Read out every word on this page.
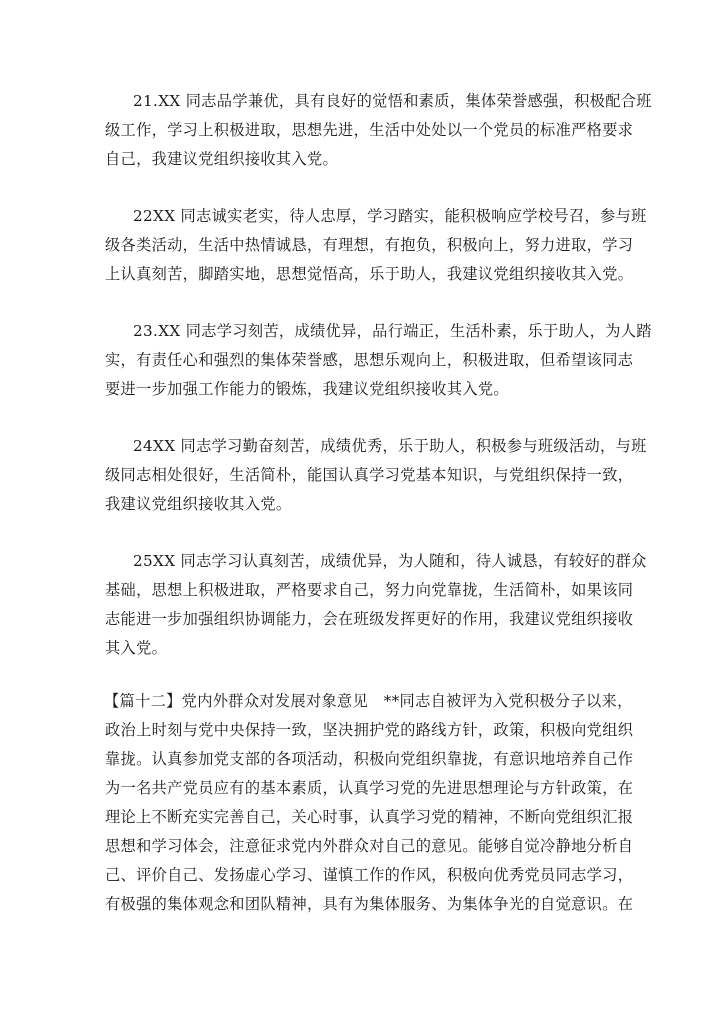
21.XX 同志品学兼优，具有良好的觉悟和素质，集体荣誉感强，积极配合班
级工作，学习上积极进取，思想先进，生活中处处以一个党员的标准严格要求
自己，我建议党组织接收其入党。
22XX 同志诚实老实，待人忠厚，学习踏实，能积极响应学校号召，参与班
级各类活动，生活中热情诚恳，有理想，有抱负，积极向上，努力进取，学习
上认真刻苦，脚踏实地，思想觉悟高，乐于助人，我建议党组织接收其入党。
23.XX 同志学习刻苦，成绩优异，品行端正，生活朴素，乐于助人，为人踏
实，有责任心和强烈的集体荣誉感，思想乐观向上，积极进取，但希望该同志
要进一步加强工作能力的锻炼，我建议党组织接收其入党。
24XX 同志学习勤奋刻苦，成绩优秀，乐于助人，积极参与班级活动，与班
级同志相处很好，生活简朴，能国认真学习党基本知识，与党组织保持一致，
我建议党组织接收其入党。
25XX 同志学习认真刻苦，成绩优异，为人随和，待人诚恳，有较好的群众
基础，思想上积极进取，严格要求自己，努力向党靠拢，生活简朴，如果该同
志能进一步加强组织协调能力，会在班级发挥更好的作用，我建议党组织接收
其入党。
【篇十二】党内外群众对发展对象意见　**同志自被评为入党积极分子以来，
政治上时刻与党中央保持一致，坚决拥护党的路线方针，政策，积极向党组织
靠拢。认真参加党支部的各项活动，积极向党组织靠拢，有意识地培养自己作
为一名共产党员应有的基本素质，认真学习党的先进思想理论与方针政策，在
理论上不断充实完善自己，关心时事，认真学习党的精神，不断向党组织汇报
思想和学习体会，注意征求党内外群众对自己的意见。能够自觉冷静地分析自
己、评价自己、发扬虚心学习、谨慎工作的作风，积极向优秀党员同志学习，
有极强的集体观念和团队精神，具有为集体服务、为集体争光的自觉意识。在
